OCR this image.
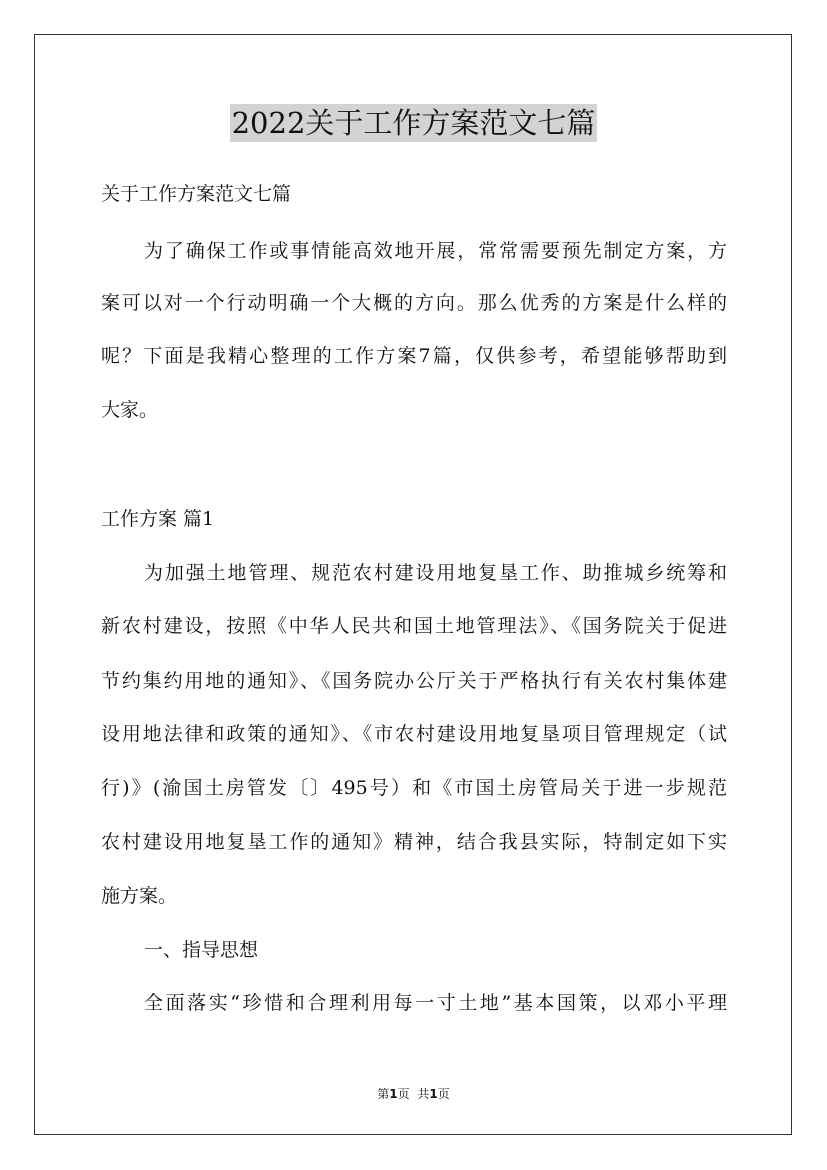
2022关于工作方案范文七篇
关于工作方案范文七篇
为了确保工作或事情能高效地开展，常常需要预先制定方案，方
案可以对一个行动明确一个大概的方向。那么优秀的方案是什么样的
呢？下面是我精心整理的工作方案7篇，仅供参考，希望能够帮助到
大家。
工作方案 篇1
为加强土地管理、规范农村建设用地复垦工作、助推城乡统筹和
新农村建设，按照《中华人民共和国土地管理法》、《国务院关于促进
节约集约用地的通知》、《国务院办公厅关于严格执行有关农村集体建
设用地法律和政策的通知》、《市农村建设用地复垦项目管理规定（试
行)》(渝国土房管发〔〕495号）和《市国土房管局关于进一步规范
农村建设用地复垦工作的通知》精神，结合我县实际，特制定如下实
施方案。
一、指导思想
全面落实“珍惜和合理利用每一寸土地”基本国策，以邓小平理
第1页 共1页
